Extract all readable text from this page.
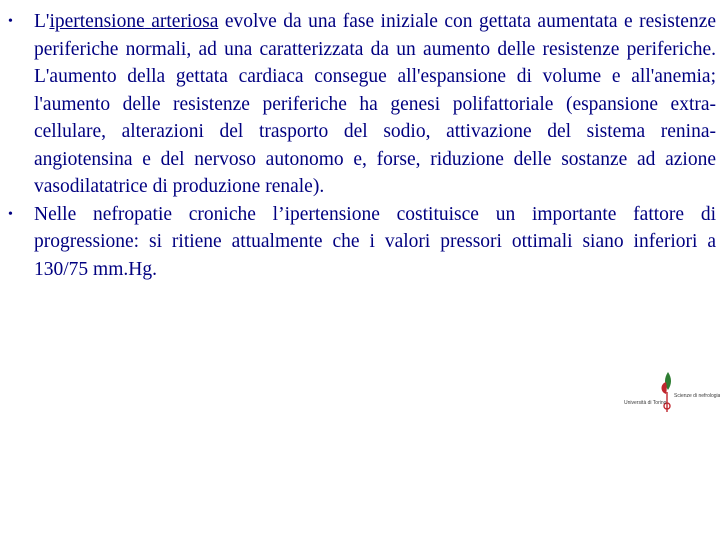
• L'ipertensione arteriosa evolve da una fase iniziale con gettata aumentata e resistenze periferiche normali, ad una caratterizzata da un aumento delle resistenze periferiche. L'aumento della gettata cardiaca consegue all'espansione di volume e all'anemia; l'aumento delle resistenze periferiche ha genesi polifattoriale (espansione extra-cellulare, alterazioni del trasporto del sodio, attivazione del sistema renina- angiotensina e del nervoso autonomo e, forse, riduzione delle sostanze ad azione vasodilatatrice di produzione renale).
• Nelle nefropatie croniche l’ipertensione costituisce un importante fattore di progressione: si ritiene attualmente che i valori pressori ottimali siano inferiori a 130/75 mm.Hg.
Università di Torino
Scienze di nefrologia
